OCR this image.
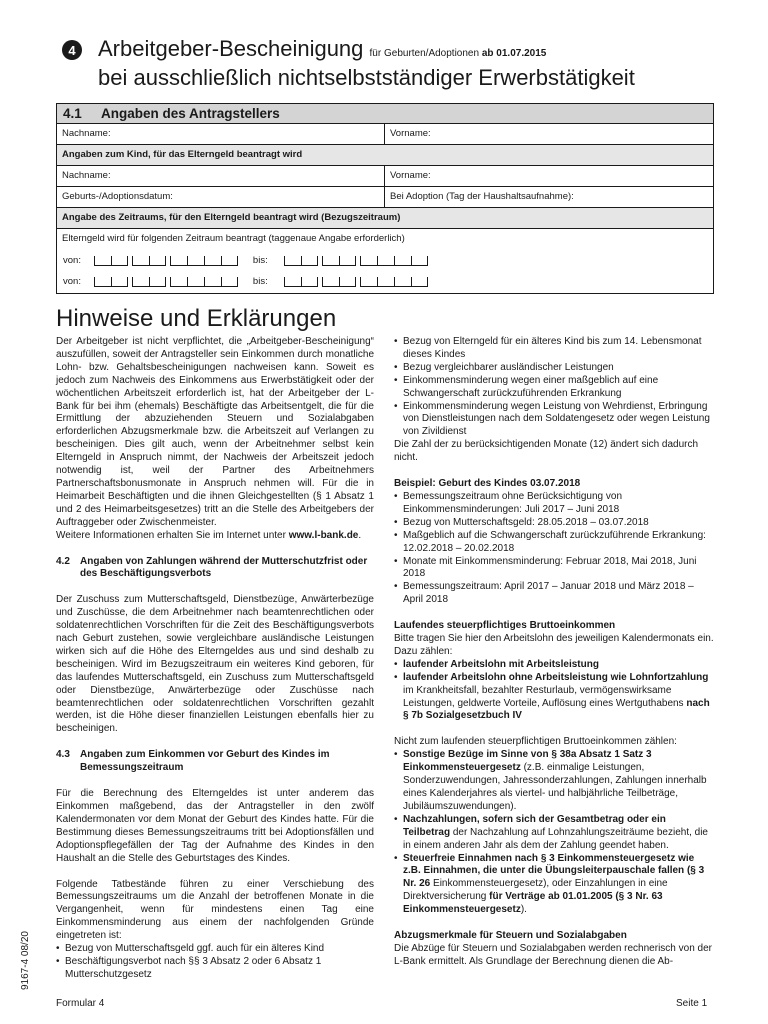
4 Arbeitgeber-Bescheinigung für Geburten/Adoptionen ab 01.07.2015
bei ausschließlich nichtselbstständiger Erwerbstätigkeit
4.1 Angaben des Antragstellers
Nachname:	Vorname:
Angaben zum Kind, für das Elterngeld beantragt wird
Nachname:	Vorname:
Geburts-/Adoptionsdatum:	Bei Adoption (Tag der Haushaltsaufnahme):
Angabe des Zeitraums, für den Elterngeld beantragt wird (Bezugszeitraum)
Elterngeld wird für folgenden Zeitraum beantragt (taggenaue Angabe erforderlich)
von:	bis:
von:	bis:
Hinweise und Erklärungen

Der Arbeitgeber ist nicht verpflichtet, die „Arbeitgeber-Bescheinigung“ auszufüllen, soweit der Antragsteller sein Einkommen durch monatliche Lohn- bzw. Gehaltsbescheinigungen nachweisen kann. Soweit es jedoch zum Nachweis des Einkommens aus Erwerbstätigkeit oder der wöchentlichen Arbeitszeit erforderlich ist, hat der Arbeitgeber der L-Bank für bei ihm (ehemals) Beschäftigte das Arbeitsentgelt, die für die Ermittlung der abzuziehenden Steuern und Sozialabgaben erforderlichen Abzugsmerkmale bzw. die Arbeitszeit auf Verlangen zu bescheinigen. Dies gilt auch, wenn der Arbeitnehmer selbst kein Elterngeld in Anspruch nimmt, der Nachweis der Arbeitszeit jedoch notwendig ist, weil der Partner des Arbeitnehmers Partnerschaftsbonusmonate in Anspruch nehmen will. Für die in Heimarbeit Beschäftigten und die ihnen Gleichgestellten (§ 1 Absatz 1 und 2 des Heimarbeitsgesetzes) tritt an die Stelle des Arbeitgebers der Auftraggeber oder Zwischenmeister.

Weitere Informationen erhalten Sie im Internet unter www.l-bank.de.

4.2	Angaben von Zahlungen während der Mutterschutzfrist oder des Beschäftigungsverbots

Der Zuschuss zum Mutterschaftsgeld, Dienstbezüge, Anwärterbezüge und Zuschüsse, die dem Arbeitnehmer nach beamtenrechtlichen oder soldatenrechtlichen Vorschriften für die Zeit des Beschäftigungsverbots nach Geburt zustehen, sowie vergleichbare ausländische Leistungen wirken sich auf die Höhe des Elterngeldes aus und sind deshalb zu bescheinigen. Wird im Bezugszeitraum ein weiteres Kind geboren, für das laufendes Mutterschaftsgeld, ein Zuschuss zum Mutterschaftsgeld oder Dienstbezüge, Anwärterbezüge oder Zuschüsse nach beamtenrechtlichen oder soldatenrechtlichen Vorschriften gezahlt werden, ist die Höhe dieser finanziellen Leistungen ebenfalls hier zu bescheinigen.

4.3	Angaben zum Einkommen vor Geburt des Kindes im Bemessungszeitraum

Für die Berechnung des Elterngeldes ist unter anderem das Einkommen maßgebend, das der Antragsteller in den zwölf Kalendermonaten vor dem Monat der Geburt des Kindes hatte. Für die Bestimmung dieses Bemessungszeitraums tritt bei Adoptionsfällen und Adoptionspflegefällen der Tag der Aufnahme des Kindes in den Haushalt an die Stelle des Geburtstages des Kindes.

Folgende Tatbestände führen zu einer Verschiebung des Bemessungszeitraums um die Anzahl der betroffenen Monate in die Vergangenheit, wenn für mindestens einen Tag eine Einkommensminderung aus einem der nachfolgenden Gründe eingetreten ist:

• Bezug von Mutterschaftsgeld ggf. auch für ein älteres Kind
• Beschäftigungsverbot nach §§ 3 Absatz 2 oder 6 Absatz 1 Mutterschutzgesetz
• Bezug von Elterngeld für ein älteres Kind bis zum 14. Lebensmonat dieses Kindes
• Bezug vergleichbarer ausländischer Leistungen
• Einkommensminderung wegen einer maßgeblich auf eine Schwangerschaft zurückzuführenden Erkrankung
• Einkommensminderung wegen Leistung von Wehrdienst, Erbringung von Dienstleistungen nach dem Soldatengesetz oder wegen Leistung von Zivildienst

Die Zahl der zu berücksichtigenden Monate (12) ändert sich dadurch nicht.

Beispiel: Geburt des Kindes 03.07.2018
• Bemessungszeitraum ohne Berücksichtigung von Einkommensminderungen: Juli 2017 – Juni 2018
• Bezug von Mutterschaftsgeld: 28.05.2018 – 03.07.2018
• Maßgeblich auf die Schwangerschaft zurückzuführende Erkrankung: 12.02.2018 – 20.02.2018
• Monate mit Einkommensminderung: Februar 2018, Mai 2018, Juni 2018
• Bemessungszeitraum: April 2017 – Januar 2018 und März 2018 – April 2018
Laufendes steuerpflichtiges Bruttoeinkommen

Bitte tragen Sie hier den Arbeitslohn des jeweiligen Kalendermonats ein. Dazu zählen:

• laufender Arbeitslohn mit Arbeitsleistung
• laufender Arbeitslohn ohne Arbeitsleistung wie Lohnfortzahlung im Krankheitsfall, bezahlter Resturlaub, vermögenswirksame Leistungen, geldwerte Vorteile, Auflösung eines Wertguthabens nach § 7b Sozialgesetzbuch IV

Nicht zum laufenden steuerpflichtigen Bruttoeinkommen zählen:

• Sonstige Bezüge im Sinne von § 38a Absatz 1 Satz 3 Einkommensteuergesetz (z.B. einmalige Leistungen, Sonderzuwendungen, Jahressonderzahlungen, Zahlungen innerhalb eines Kalenderjahres als viertel- und halbjährliche Teilbeträge, Jubiläumszuwendungen).
• Nachzahlungen, sofern sich der Gesamtbetrag oder ein Teilbetrag der Nachzahlung auf Lohnzahlungszeiträume bezieht, die in einem anderen Jahr als dem der Zahlung geendet haben.
• Steuerfreie Einnahmen nach § 3 Einkommensteuergesetz wie z.B. Einnahmen, die unter die Übungsleiterpauschale fallen (§ 3 Nr. 26 Einkommensteuergesetz), oder Einzahlungen in eine Direktversicherung für Verträge ab 01.01.2005 (§ 3 Nr. 63 Einkommensteuergesetz).
Abzugsmerkmale für Steuern und Sozialabgaben

Die Abzüge für Steuern und Sozialabgaben werden rechnerisch von der L-Bank ermittelt. Als Grundlage der Berechnung dienen die Ab-

9167-4 08/20
Formular 4	Seite 1
